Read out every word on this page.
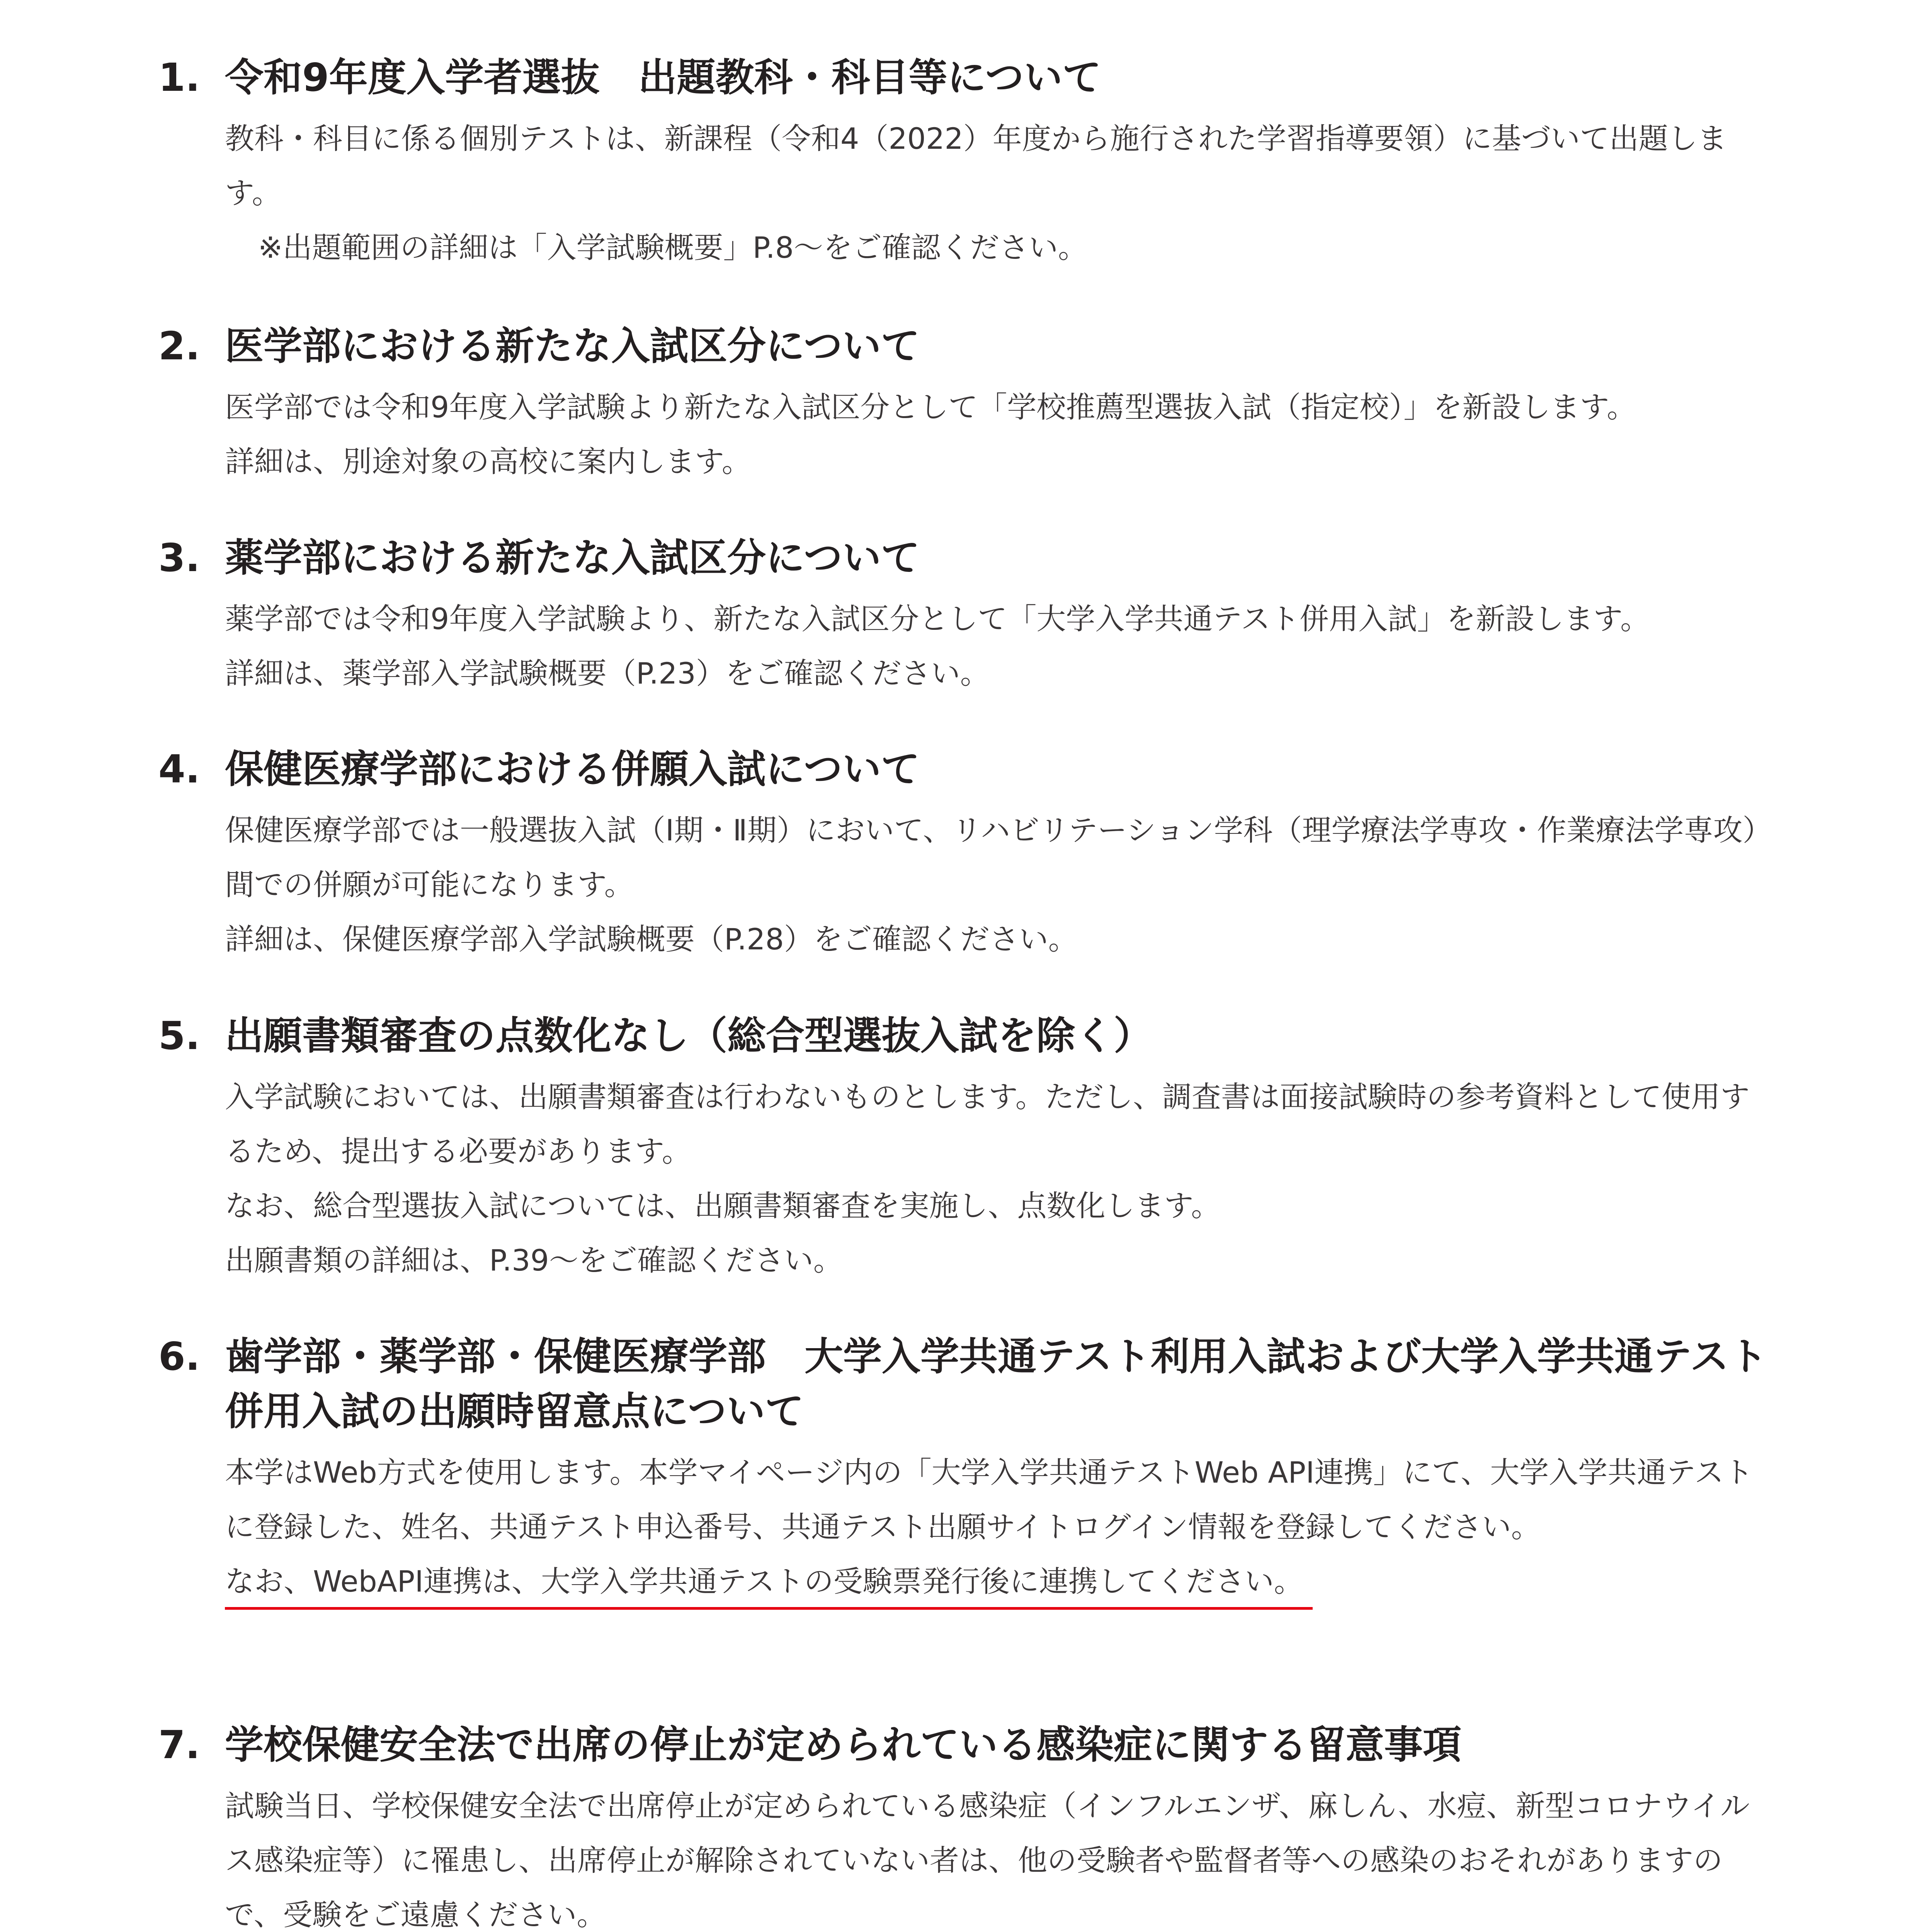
1. 令和9年度入学者選抜　出題教科・科目等について
教科・科目に係る個別テストは、新課程（令和4（2022）年度から施行された学習指導要領）に基づいて出題します。
※出題範囲の詳細は「入学試験概要」P.8～をご確認ください。
2. 医学部における新たな入試区分について
医学部では令和9年度入学試験より新たな入試区分として「学校推薦型選抜入試（指定校）」を新設します。
詳細は、別途対象の高校に案内します。
3. 薬学部における新たな入試区分について
薬学部では令和9年度入学試験より、新たな入試区分として「大学入学共通テスト併用入試」を新設します。
詳細は、薬学部入学試験概要（P.23）をご確認ください。
4. 保健医療学部における併願入試について
保健医療学部では一般選抜入試（Ⅰ期・Ⅱ期）において、リハビリテーション学科（理学療法学専攻・作業療法学専攻）間での併願が可能になります。
詳細は、保健医療学部入学試験概要（P.28）をご確認ください。
5. 出願書類審査の点数化なし（総合型選抜入試を除く）
入学試験においては、出願書類審査は行わないものとします。ただし、調査書は面接試験時の参考資料として使用するため、提出する必要があります。
なお、総合型選抜入試については、出願書類審査を実施し、点数化します。
出願書類の詳細は、P.39～をご確認ください。
6. 歯学部・薬学部・保健医療学部　大学入学共通テスト利用入試および大学入学共通テスト併用入試の出願時留意点について
本学はWeb方式を使用します。本学マイページ内の「大学入学共通テストWeb API連携」にて、大学入学共通テストに登録した、姓名、共通テスト申込番号、共通テスト出願サイトログイン情報を登録してください。
なお、WebAPI連携は、大学入学共通テストの受験票発行後に連携してください。
7. 学校保健安全法で出席の停止が定められている感染症に関する留意事項
試験当日、学校保健安全法で出席停止が定められている感染症（インフルエンザ、麻しん、水痘、新型コロナウイルス感染症等）に罹患し、出席停止が解除されていない者は、他の受験者や監督者等への感染のおそれがありますので、受験をご遠慮ください。
